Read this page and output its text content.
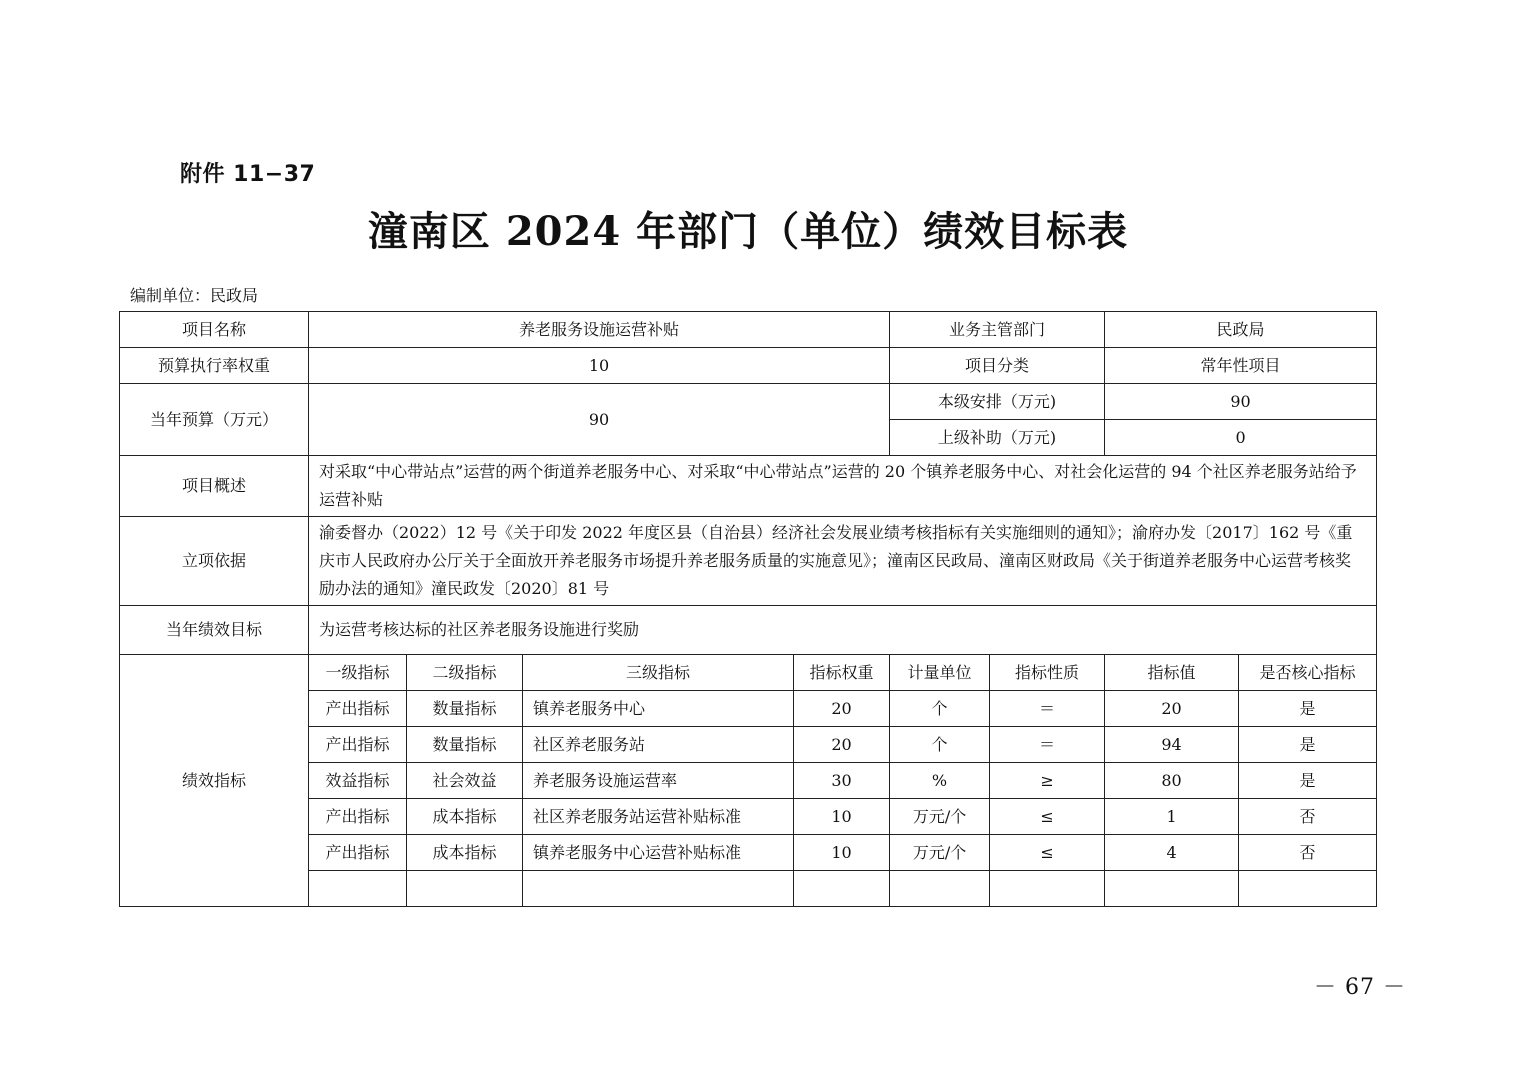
附件 11−37
潼南区 2024 年部门（单位）绩效目标表
编制单位：民政局
项目名称	养老服务设施运营补贴				业务主管部门		民政局	
预算执行率权重	10				项目分类		常年性项目	
当年预算（万元）	90				本级安排（万元)		90	
					上级补助（万元)		0	
项目概述	对采取“中心带站点”运营的两个街道养老服务中心、对采取“中心带站点”运营的 20 个镇养老服务中心、对社会化运营的 94 个社区养老服务站给予运营补贴							
立项依据	渝委督办（2022）12 号《关于印发 2022 年度区县（自治县）经济社会发展业绩考核指标有关实施细则的通知》；渝府办发〔2017〕162 号《重庆市人民政府办公厅关于全面放开养老服务市场提升养老服务质量的实施意见》；潼南区民政局、潼南区财政局《关于街道养老服务中心运营考核奖励办法的通知》潼民政发〔2020〕81 号							
当年绩效目标	为运营考核达标的社区养老服务设施进行奖励							
绩效指标	一级指标	二级指标	三级指标	指标权重	计量单位	指标性质	指标值	是否核心指标
	产出指标	数量指标	镇养老服务中心	20	个	＝	20	是
	产出指标	数量指标	社区养老服务站	20	个	＝	94	是
	效益指标	社会效益	养老服务设施运营率	30	%	≥	80	是
	产出指标	成本指标	社区养老服务站运营补贴标准	10	万元/个	≤	1	否
	产出指标	成本指标	镇养老服务中心运营补贴标准	10	万元/个	≤	4	否

－ 67 －
